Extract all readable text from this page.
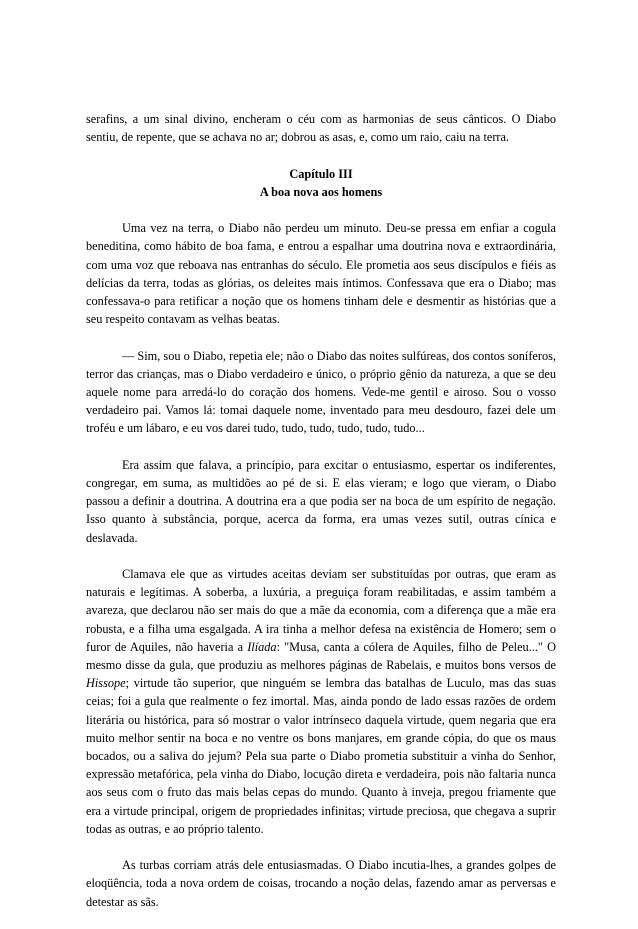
serafins, a um sinal divino, encheram o céu com as harmonias de seus cânticos. O Diabo sentiu, de repente, que se achava no ar; dobrou as asas, e, como um raio, caiu na terra.

Capítulo III
A boa nova aos homens

Uma vez na terra, o Diabo não perdeu um minuto. Deu-se pressa em enfiar a cogula beneditina, como hábito de boa fama, e entrou a espalhar uma doutrina nova e extraordinária, com uma voz que reboava nas entranhas do século. Ele prometia aos seus discípulos e fiéis as delícias da terra, todas as glórias, os deleites mais íntimos. Confessava que era o Diabo; mas confessava-o para retificar a noção que os homens tinham dele e desmentir as histórias que a seu respeito contavam as velhas beatas.

— Sim, sou o Diabo, repetia ele; não o Diabo das noites sulfúreas, dos contos soníferos, terror das crianças, mas o Diabo verdadeiro e único, o próprio gênio da natureza, a que se deu aquele nome para arredá-lo do coração dos homens. Vede-me gentil e airoso. Sou o vosso verdadeiro pai. Vamos lá: tomai daquele nome, inventado para meu desdouro, fazei dele um troféu e um lábaro, e eu vos darei tudo, tudo, tudo, tudo, tudo, tudo...

Era assim que falava, a princípio, para excitar o entusiasmo, espertar os indiferentes, congregar, em suma, as multidões ao pé de si. E elas vieram; e logo que vieram, o Diabo passou a definir a doutrina. A doutrina era a que podia ser na boca de um espírito de negação. Isso quanto à substância, porque, acerca da forma, era umas vezes sutil, outras cínica e deslavada.

Clamava ele que as virtudes aceitas deviam ser substituídas por outras, que eram as naturais e legítimas. A soberba, a luxúria, a preguiça foram reabilitadas, e assim também a avareza, que declarou não ser mais do que a mãe da economia, com a diferença que a mãe era robusta, e a filha uma esgalgada. A ira tinha a melhor defesa na existência de Homero; sem o furor de Aquiles, não haveria a Ilíada: "Musa, canta a cólera de Aquiles, filho de Peleu..." O mesmo disse da gula, que produziu as melhores páginas de Rabelais, e muitos bons versos de Hissope; virtude tão superior, que ninguém se lembra das batalhas de Luculo, mas das suas ceias; foi a gula que realmente o fez imortal. Mas, ainda pondo de lado essas razões de ordem literária ou histórica, para só mostrar o valor intrínseco daquela virtude, quem negaria que era muito melhor sentir na boca e no ventre os bons manjares, em grande cópia, do que os maus bocados, ou a saliva do jejum? Pela sua parte o Diabo prometia substituir a vinha do Senhor, expressão metafórica, pela vinha do Diabo, locução direta e verdadeira, pois não faltaria nunca aos seus com o fruto das mais belas cepas do mundo. Quanto à inveja, pregou friamente que era a virtude principal, origem de propriedades infinitas; virtude preciosa, que chegava a suprir todas as outras, e ao próprio talento.

As turbas corriam atrás dele entusiasmadas. O Diabo incutia-lhes, a grandes golpes de eloqüência, toda a nova ordem de coisas, trocando a noção delas, fazendo amar as perversas e detestar as sãs.
